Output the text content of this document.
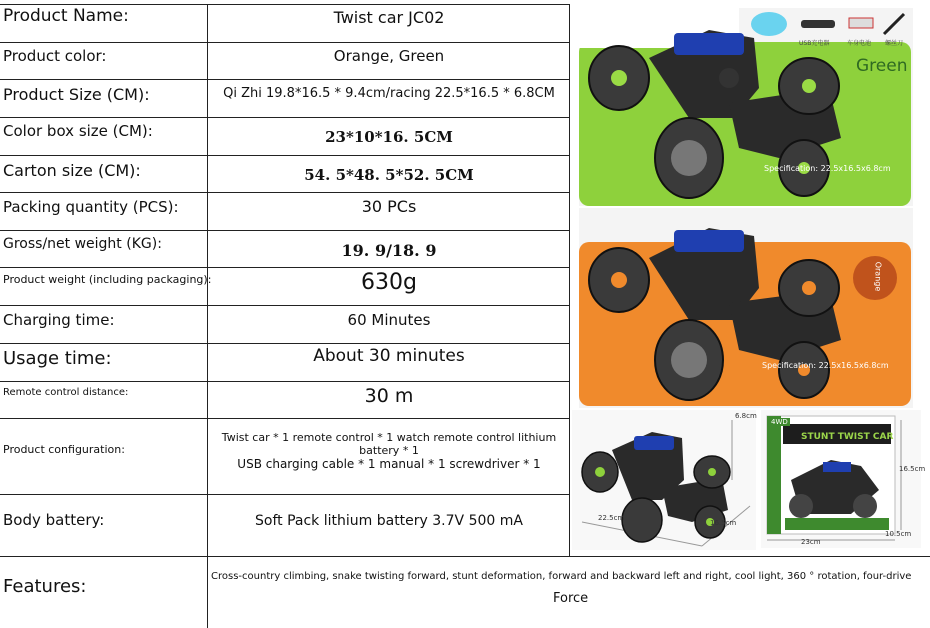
Product Name:	Twist car JC02
Product color:	Orange, Green
Product Size (CM):	Qi Zhi 19.8*16.5 * 9.4cm/racing 22.5*16.5 * 6.8CM
Color box size (CM):	23*10*16. 5CM
Carton size (CM):	54. 5*48. 5*52. 5CM
Packing quantity (PCS):	30 PCs
Gross/net weight (KG):	19. 9/18. 9
Product weight (including packaging):	630g
Charging time:	60 Minutes
Usage time:	About 30 minutes
Remote control distance:	30 m
Product configuration:
Twist car * 1 remote control * 1 watch remote control lithium
battery * 1
USB charging cable * 1 manual * 1 screwdriver * 1
Body battery:	Soft Pack lithium battery 3.7V 500 mA
Features:	Cross-country climbing, snake twisting forward, stunt deformation, forward and backward left and right, cool light, 360 ° rotation, four-drive
Force
Green
Specification: 22.5x16.5x6.8cm
USB充电器	车身电池 螺丝刀
Orange
Specification: 22.5x16.5x6.8cm
6.8cm
22.5cm
16.5cm
4WD
STUNT TWIST CAR
16.5cm
23cm
10.5cm
